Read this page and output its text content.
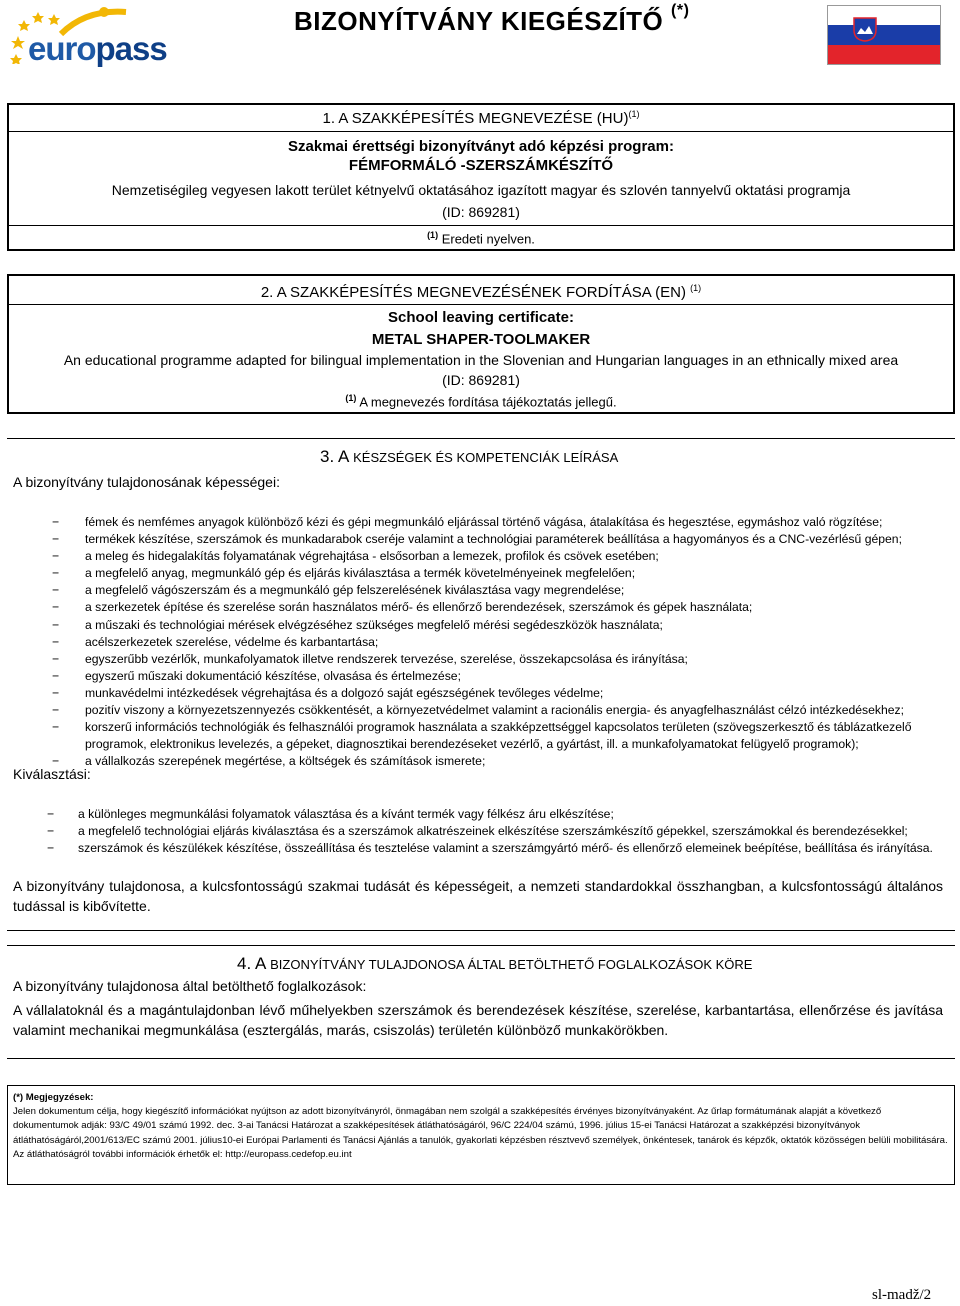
europass
BIZONYÍTVÁNY KIEGÉSZÍTŐ (*)
1. A SZAKKÉPESÍTÉS MEGNEVEZÉSE (HU)$^{(1)}$
Szakmai érettségi bizonyítványt adó képzési program:
FÉMFORMÁLÓ -SZERSZÁMKÉSZÍTŐ
Nemzetiségileg vegyesen lakott terület kétnyelvű oktatásához igazított magyar és szlovén tannyelvű oktatási programja
(ID: 869281)
$^{(1)}$ Eredeti nyelven.
2. A SZAKKÉPESÍTÉS MEGNEVEZÉSÉNEK FORDÍTÁSA (EN) $^{(1)}$
School leaving certificate:
METAL SHAPER-TOOLMAKER
An educational programme adapted for bilingual implementation in the Slovenian and Hungarian languages in an ethnically mixed area
(ID: 869281)
$^{(1)}$ A megnevezés fordítása tájékoztatás jellegű.
3. A KÉSZSÉGEK ÉS KOMPETENCIÁK LEÍRÁSA
A bizonyítvány tulajdonosának képességei:
− fémek és nemfémes anyagok különböző kézi és gépi megmunkáló eljárással történő vágása, átalakítása és hegesztése, egymáshoz való rögzítése;
− termékek készítése, szerszámok és munkadarabok cseréje valamint a technológiai paraméterek beállítása a hagyományos és a CNC-vezérlésű gépen;
− a meleg és hidegalakítás folyamatának végrehajtása - elsősorban a lemezek, profilok és csövek esetében;
− a megfelelő anyag, megmunkáló gép és eljárás kiválasztása a termék követelményeinek megfelelően;
− a megfelelő vágószerszám és a megmunkáló gép felszerelésének kiválasztása vagy megrendelése;
− a szerkezetek építése és szerelése során használatos mérő- és ellenőrző berendezések, szerszámok és gépek használata;
− a műszaki és technológiai mérések elvégzéséhez szükséges megfelelő mérési segédeszközök használata;
− acélszerkezetek szerelése, védelme és karbantartása;
− egyszerűbb vezérlők, munkafolyamatok illetve rendszerek tervezése, szerelése, összekapcsolása és irányítása;
− egyszerű műszaki dokumentáció készítése, olvasása és értelmezése;
− munkavédelmi intézkedések végrehajtása és a dolgozó saját egészségének tevőleges védelme;
− pozitív viszony a környezetszennyezés csökkentését, a környezetvédelmet valamint a racionális energia- és anyagfelhasználást célzó intézkedésekhez;
− korszerű információs technológiák és felhasználói programok használata a szakképzettséggel kapcsolatos területen (szövegszerkesztő és táblázatkezelő programok, elektronikus levelezés, a gépeket, diagnosztikai berendezéseket vezérlő, a gyártást, ill. a munkafolyamatokat felügyelő programok);
− a vállalkozás szerepének megértése, a költségek és számítások ismerete;
Kiválasztási:
− a különleges megmunkálási folyamatok választása és a kívánt termék vagy félkész áru elkészítése;
− a megfelelő technológiai eljárás kiválasztása és a szerszámok alkatrészeinek elkészítése szerszámkészítő gépekkel, szerszámokkal és berendezésekkel;
− szerszámok és készülékek készítése, összeállítása és tesztelése valamint a szerszámgyártó mérő- és ellenőrző elemeinek beépítése, beállítása és irányítása.
A bizonyítvány tulajdonosa, a kulcsfontosságú szakmai tudását és képességeit, a nemzeti standardokkal összhangban, a kulcsfontosságú általános tudással is kibővítette.
4. A BIZONYÍTVÁNY TULAJDONOSA ÁLTAL BETÖLTHETŐ FOGLALKOZÁSOK KÖRE
A bizonyítvány tulajdonosa által betölthető foglalkozások:
A vállalatoknál és a magántulajdonban lévő műhelyekben szerszámok és berendezések készítése, szerelése, karbantartása, ellenőrzése és javítása valamint mechanikai megmunkálása (esztergálás, marás, csiszolás) területén különböző munkakörökben.
(*) Megjegyzések:
Jelen dokumentum célja, hogy kiegészítő információkat nyújtson az adott bizonyítványról, önmagában nem szolgál a szakképesítés érvényes bizonyítványaként. Az űrlap formátumának alapját a következő dokumentumok adják: 93/C 49/01 számú 1992. dec. 3-ai Tanácsi Határozat a szakképesítések átláthatóságáról, 96/C 224/04 számú, 1996. július 15-ei Tanácsi Határozat a szakképzési bizonyítványok átláthatóságáról,2001/613/EC számú 2001. július10-ei Európai Parlamenti és Tanácsi Ajánlás a tanulók, gyakorlati képzésben résztvevő személyek, önkéntesek, tanárok és képzők, oktatók közösségen belüli mobilitására.
Az átláthatóságról további információk érhetők el: http://europass.cedefop.eu.int
sl-madž/2
